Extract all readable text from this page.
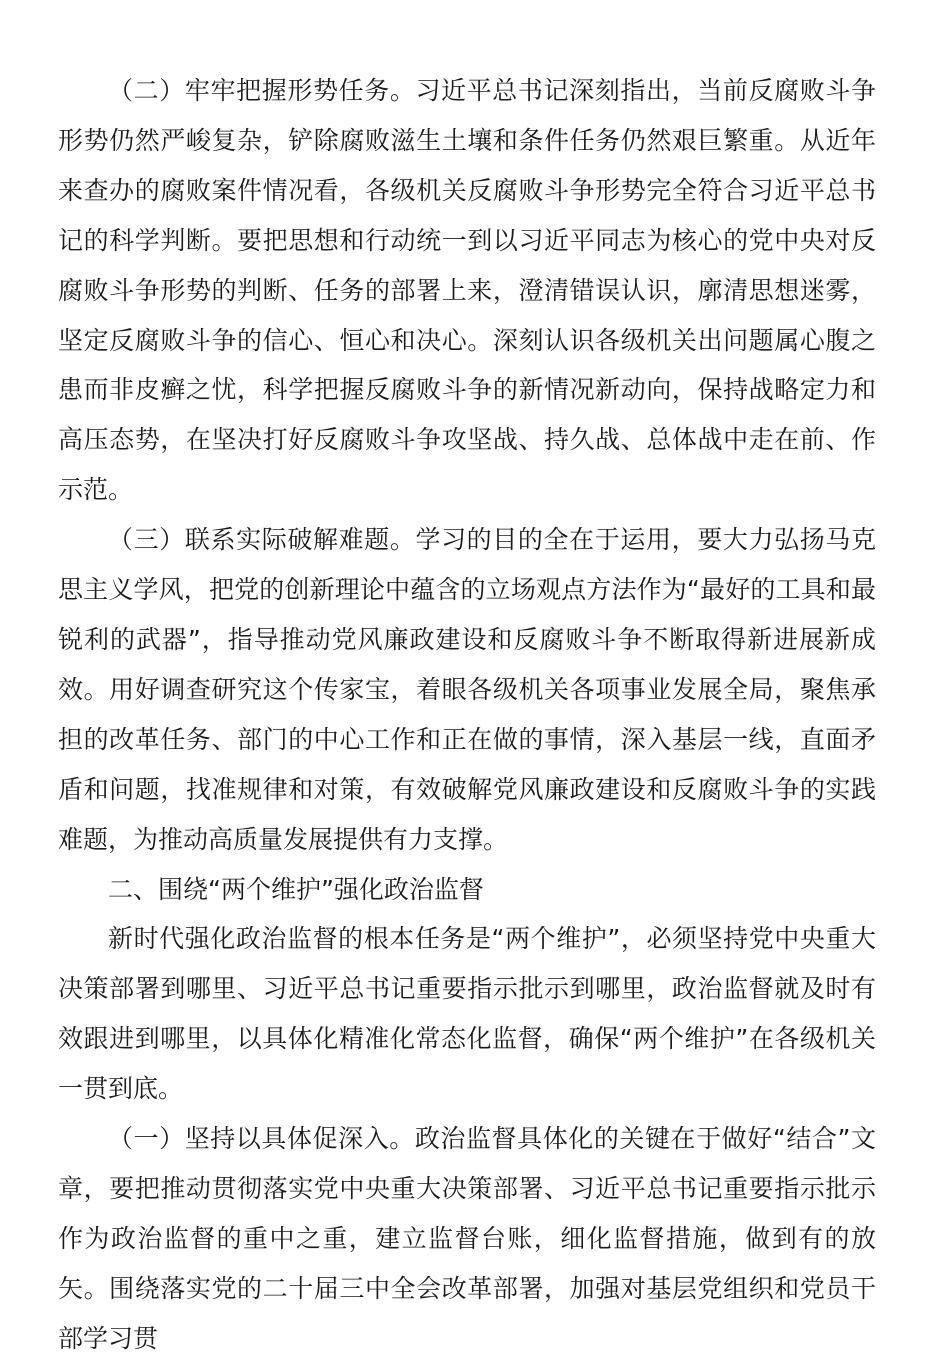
（二）牢牢把握形势任务。习近平总书记深刻指出，当前反腐败斗争形势仍然严峻复杂，铲除腐败滋生土壤和条件任务仍然艰巨繁重。从近年来查办的腐败案件情况看，各级机关反腐败斗争形势完全符合习近平总书记的科学判断。要把思想和行动统一到以习近平同志为核心的党中央对反腐败斗争形势的判断、任务的部署上来，澄清错误认识，廓清思想迷雾，坚定反腐败斗争的信心、恒心和决心。深刻认识各级机关出问题属心腹之患而非皮癣之忧，科学把握反腐败斗争的新情况新动向，保持战略定力和高压态势，在坚决打好反腐败斗争攻坚战、持久战、总体战中走在前、作示范。

（三）联系实际破解难题。学习的目的全在于运用，要大力弘扬马克思主义学风，把党的创新理论中蕴含的立场观点方法作为“最好的工具和最锐利的武器”，指导推动党风廉政建设和反腐败斗争不断取得新进展新成效。用好调查研究这个传家宝，着眼各级机关各项事业发展全局，聚焦承担的改革任务、部门的中心工作和正在做的事情，深入基层一线，直面矛盾和问题，找准规律和对策，有效破解党风廉政建设和反腐败斗争的实践难题，为推动高质量发展提供有力支撑。

二、围绕“两个维护”强化政治监督

新时代强化政治监督的根本任务是“两个维护”，必须坚持党中央重大决策部署到哪里、习近平总书记重要指示批示到哪里，政治监督就及时有效跟进到哪里，以具体化精准化常态化监督，确保“两个维护”在各级机关一贯到底。

（一）坚持以具体促深入。政治监督具体化的关键在于做好“结合”文章，要把推动贯彻落实党中央重大决策部署、习近平总书记重要指示批示作为政治监督的重中之重，建立监督台账，细化监督措施，做到有的放矢。围绕落实党的二十届三中全会改革部署，加强对基层党组织和党员干部学习贯
